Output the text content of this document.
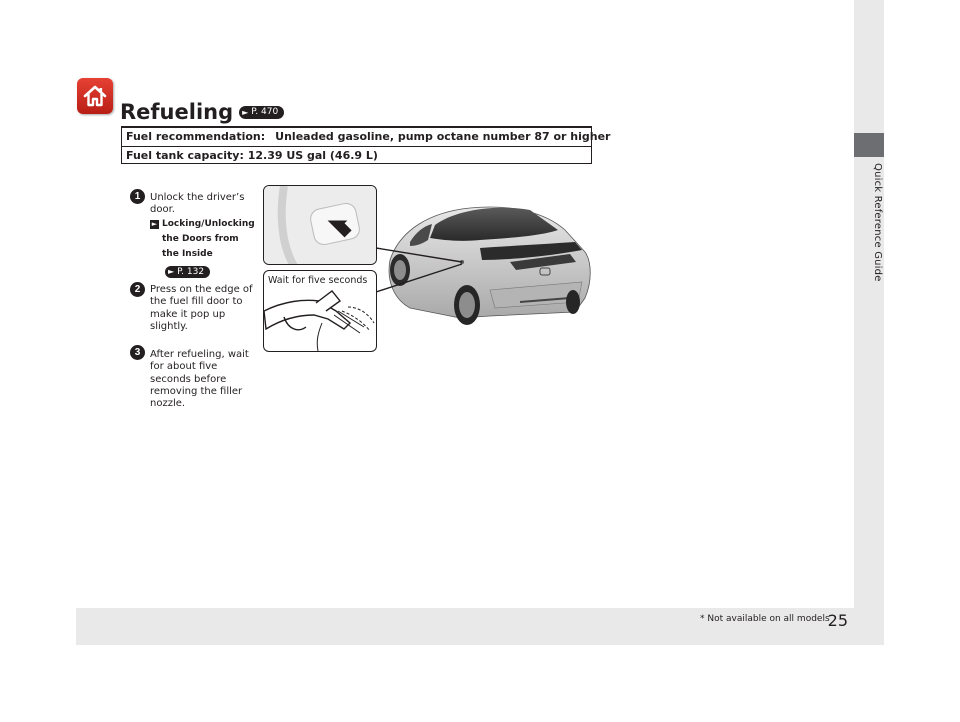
Quick Reference Guide
Refueling ► P. 470
Fuel recommendation: Unleaded gasoline, pump octane number 87 or higher
Fuel tank capacity: 12.39 US gal (46.9 L)
1 Unlock the driver’s
door.
► Locking/Unlocking
the Doors from
the Inside
► P. 132
2 Press on the edge of
the fuel fill door to
make it pop up
slightly.
3 After refueling, wait
for about five
seconds before
removing the filler
nozzle.
Wait for five seconds
* Not available on all models
25
